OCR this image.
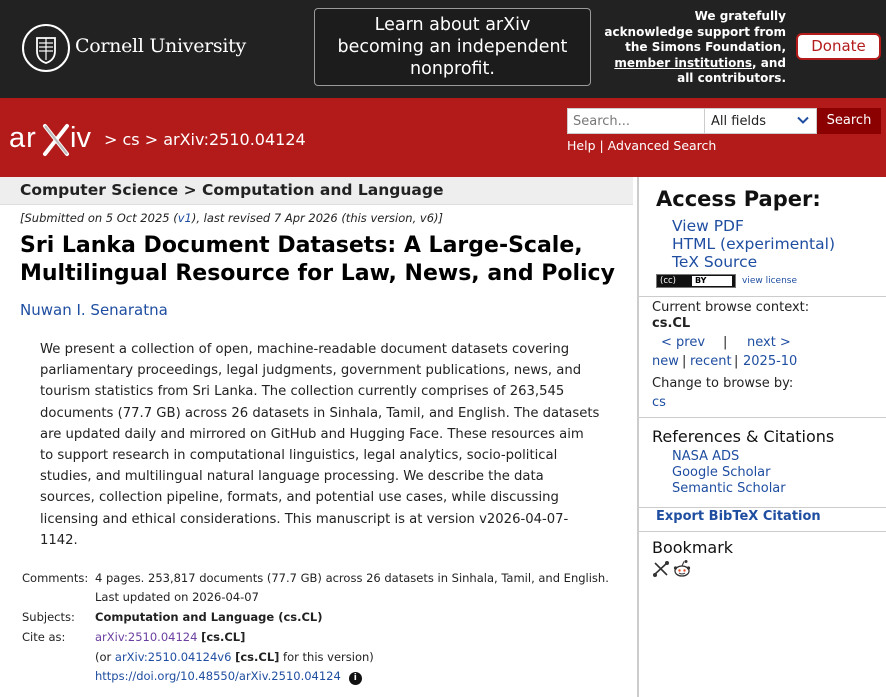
Cornell University
Learn about arXiv
becoming an independent
nonprofit.
We gratefully acknowledge support from the Simons Foundation, member institutions, and all contributors.
Donate
ar iv > cs > arXiv:2510.04124
Search...	All fields	Search
Help | Advanced Search
Computer Science > Computation and Language
[Submitted on 5 Oct 2025 (v1), last revised 7 Apr 2026 (this version, v6)]
Sri Lanka Document Datasets: A Large-Scale, Multilingual Resource for Law, News, and Policy
Nuwan I. Senaratna
We present a collection of open, machine-readable document datasets covering parliamentary proceedings, legal judgments, government publications, news, and tourism statistics from Sri Lanka. The collection currently comprises of 263,545 documents (77.7 GB) across 26 datasets in Sinhala, Tamil, and English. The datasets are updated daily and mirrored on GitHub and Hugging Face. These resources aim to support research in computational linguistics, legal analytics, socio-political studies, and multilingual natural language processing. We describe the data sources, collection pipeline, formats, and potential use cases, while discussing licensing and ethical considerations. This manuscript is at version v2026-04-07-1142.
Comments: 4 pages. 253,817 documents (77.7 GB) across 26 datasets in Sinhala, Tamil, and English.
Last updated on 2026-04-07
Subjects: Computation and Language (cs.CL)
Cite as:	arXiv:2510.04124 [cs.CL]
(or arXiv:2510.04124v6 [cs.CL] for this version)
https://doi.org/10.48550/arXiv.2510.04124 i
Access Paper:
View PDF
HTML (experimental)
TeX Source
(cc)	BY	view license
Current browse context:
cs.CL
< prev | next >
new | recent | 2025-10
Change to browse by:
cs
References & Citations
NASA ADS
Google Scholar
Semantic Scholar
Export BibTeX Citation
Bookmark
